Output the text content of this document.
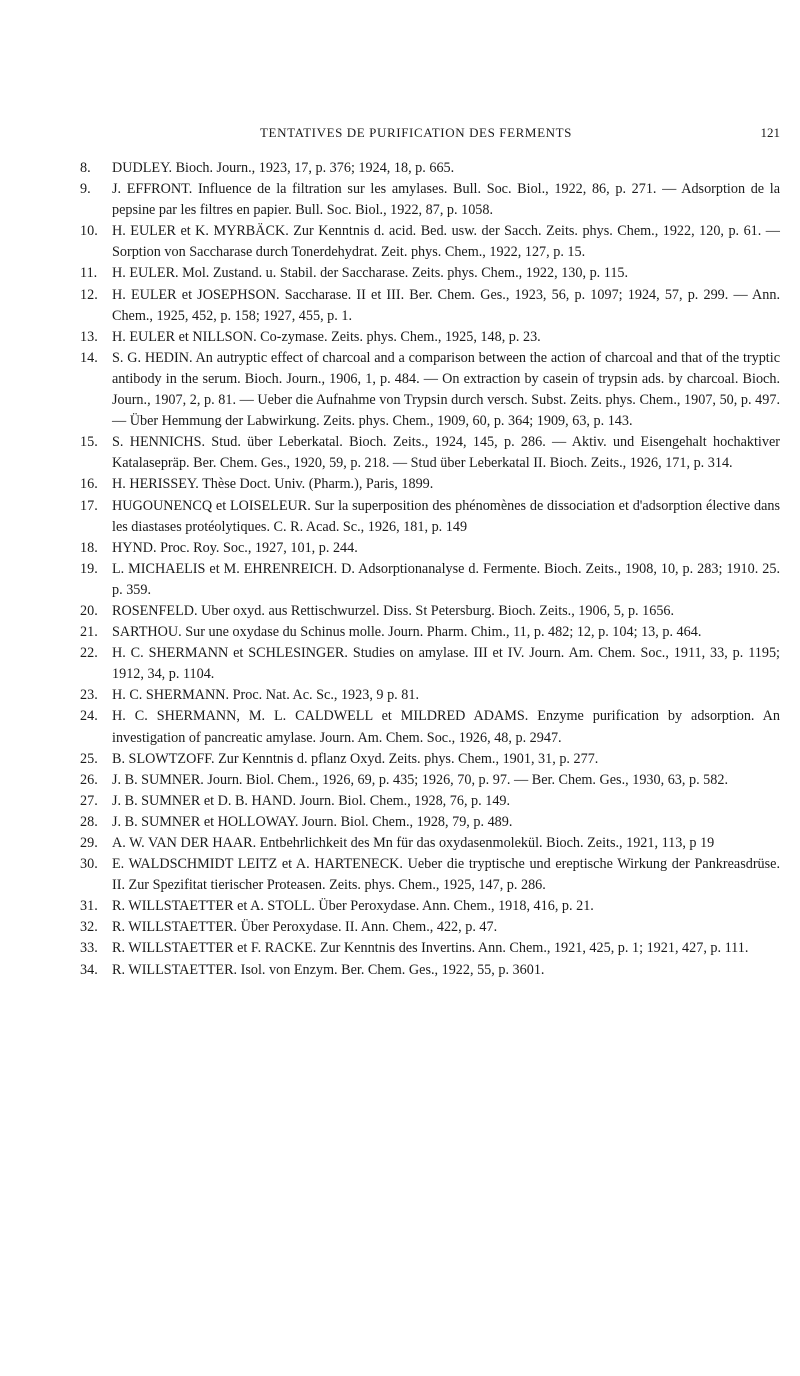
TENTATIVES DE PURIFICATION DES FERMENTS	121
8.	DUDLEY. Bioch. Journ., 1923, 17, p. 376; 1924, 18, p. 665.
9.	J. EFFRONT. Influence de la filtration sur les amylases. Bull. Soc. Biol., 1922, 86, p. 271. — Adsorption de la pepsine par les filtres en papier. Bull. Soc. Biol., 1922, 87, p. 1058.
10.	H. EULER et K. MYRBÄCK. Zur Kenntnis d. acid. Bed. usw. der Sacch. Zeits. phys. Chem., 1922, 120, p. 61. — Sorption von Saccharase durch Tonerdehydrat. Zeit. phys. Chem., 1922, 127, p. 15.
11.	H. EULER. Mol. Zustand. u. Stabil. der Saccharase. Zeits. phys. Chem., 1922, 130, p. 115.
12.	H. EULER et JOSEPHSON. Saccharase. II et III. Ber. Chem. Ges., 1923, 56, p. 1097; 1924, 57, p. 299. — Ann. Chem., 1925, 452, p. 158; 1927, 455, p. 1.
13.	H. EULER et NILLSON. Co-zymase. Zeits. phys. Chem., 1925, 148, p. 23.
14.	S. G. HEDIN. An autryptic effect of charcoal and a comparison between the action of charcoal and that of the tryptic antibody in the serum. Bioch. Journ., 1906, 1, p. 484. — On extraction by casein of trypsin ads. by charcoal. Bioch. Journ., 1907, 2, p. 81. — Ueber die Aufnahme von Trypsin durch versch. Subst. Zeits. phys. Chem., 1907, 50, p. 497. — Über Hemmung der Labwirkung. Zeits. phys. Chem., 1909, 60, p. 364; 1909, 63, p. 143.
15.	S. HENNICHS. Stud. über Leberkatal. Bioch. Zeits., 1924, 145, p. 286. — Aktiv. und Eisengehalt hochaktiver Katalasepräp. Ber. Chem. Ges., 1920, 59, p. 218. — Stud über Leberkatal II. Bioch. Zeits., 1926, 171, p. 314.
16.	H. HERISSEY. Thèse Doct. Univ. (Pharm.), Paris, 1899.
17.	HUGOUNENCQ et LOISELEUR. Sur la superposition des phénomènes de dissociation et d'adsorption élective dans les diastases protéolytiques. C. R. Acad. Sc., 1926, 181, p. 149
18.	HYND. Proc. Roy. Soc., 1927, 101, p. 244.
19.	L. MICHAELIS et M. EHRENREICH. D. Adsorptionanalyse d. Fermente. Bioch. Zeits., 1908, 10, p. 283; 1910. 25. p. 359.
20.	ROSENFELD. Uber oxyd. aus Rettischwurzel. Diss. St Petersburg. Bioch. Zeits., 1906, 5, p. 1656.
21.	SARTHOU. Sur une oxydase du Schinus molle. Journ. Pharm. Chim., 11, p. 482; 12, p. 104; 13, p. 464.
22.	H. C. SHERMANN et SCHLESINGER. Studies on amylase. III et IV. Journ. Am. Chem. Soc., 1911, 33, p. 1195; 1912, 34, p. 1104.
23.	H. C. SHERMANN. Proc. Nat. Ac. Sc., 1923, 9 p. 81.
24.	H. C. SHERMANN, M. L. CALDWELL et MILDRED ADAMS. Enzyme purification by adsorption. An investigation of pancreatic amylase. Journ. Am. Chem. Soc., 1926, 48, p. 2947.
25.	B. SLOWTZOFF. Zur Kenntnis d. pflanz Oxyd. Zeits. phys. Chem., 1901, 31, p. 277.
26.	J. B. SUMNER. Journ. Biol. Chem., 1926, 69, p. 435; 1926, 70, p. 97. — Ber. Chem. Ges., 1930, 63, p. 582.
27.	J. B. SUMNER et D. B. HAND. Journ. Biol. Chem., 1928, 76, p. 149.
28.	J. B. SUMNER et HOLLOWAY. Journ. Biol. Chem., 1928, 79, p. 489.
29.	A. W. VAN DER HAAR. Entbehrlichkeit des Mn für das oxydasenmolekül. Bioch. Zeits., 1921, 113, p 19
30.	E. WALDSCHMIDT LEITZ et A. HARTENECK. Ueber die tryptische und ereptische Wirkung der Pankreasdrüse. II. Zur Spezifitat tierischer Proteasen. Zeits. phys. Chem., 1925, 147, p. 286.
31.	R. WILLSTAETTER et A. STOLL. Über Peroxydase. Ann. Chem., 1918, 416, p. 21.
32.	R. WILLSTAETTER. Über Peroxydase. II. Ann. Chem., 422, p. 47.
33.	R. WILLSTAETTER et F. RACKE. Zur Kenntnis des Invertins. Ann. Chem., 1921, 425, p. 1; 1921, 427, p. 111.
34.	R. WILLSTAETTER. Isol. von Enzym. Ber. Chem. Ges., 1922, 55, p. 3601.
